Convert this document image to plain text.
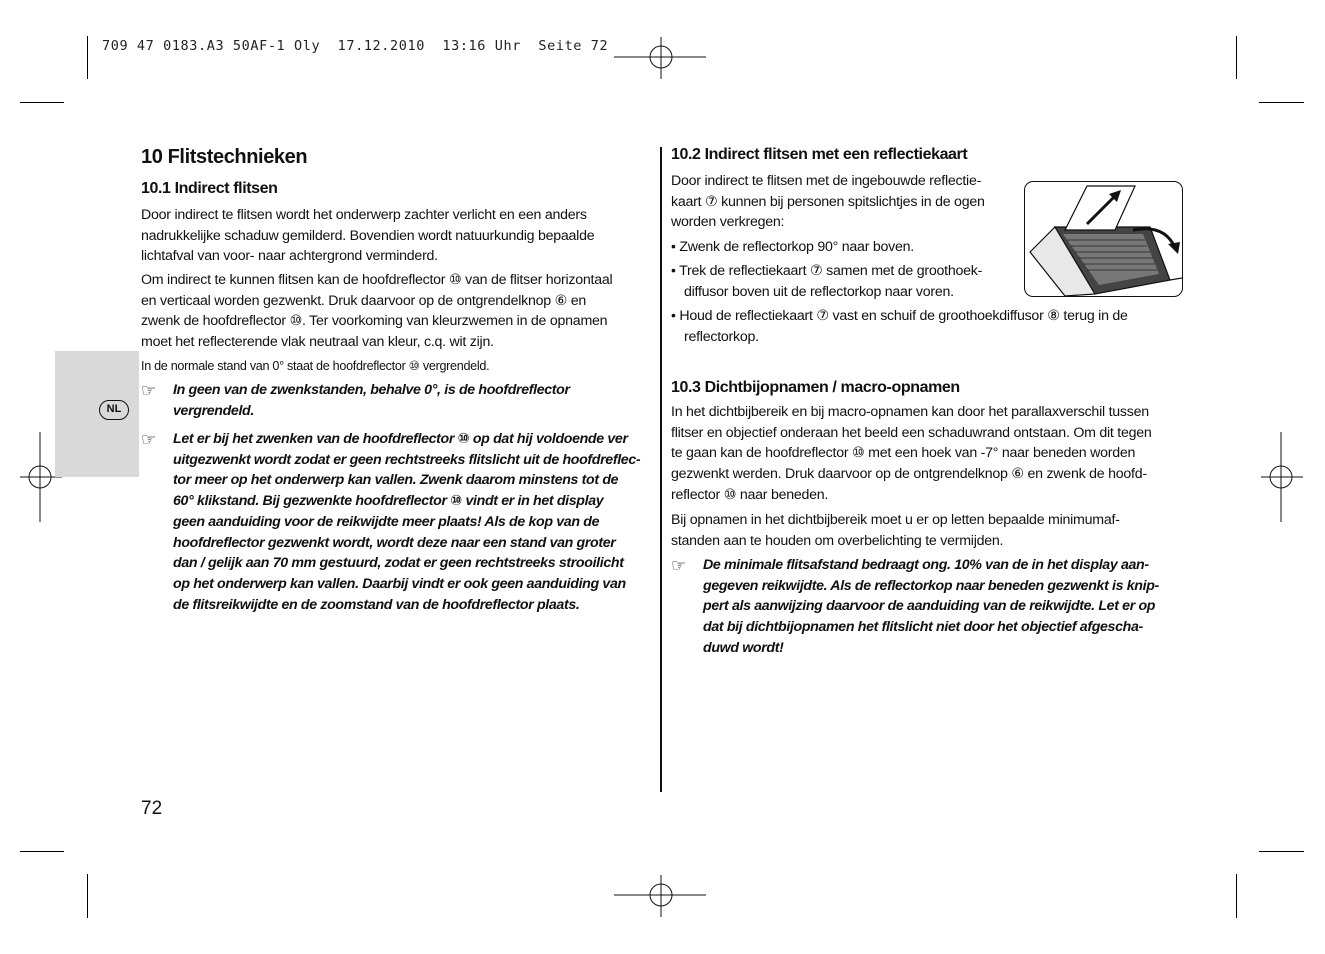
709 47 0183.A3 50AF-1 Oly  17.12.2010  13:16 Uhr  Seite 72
NL
10 Flitstechnieken
10.1 Indirect flitsen
Door indirect te flitsen wordt het onderwerp zachter verlicht en een anders
nadrukkelijke schaduw gemilderd. Bovendien wordt natuurkundig bepaalde
lichtafval van voor- naar achtergrond verminderd.
Om indirect te kunnen flitsen kan de hoofdreflector ⑩ van de flitser horizontaal
en verticaal worden gezwenkt. Druk daarvoor op de ontgrendelknop ⑥ en
zwenk de hoofdreflector ⑩. Ter voorkoming van kleurzwemen in de opnamen
moet het reflecterende vlak neutraal van kleur, c.q. wit zijn.
In de normale stand van 0° staat de hoofdreflector ⑩ vergrendeld.
☞ In geen van de zwenkstanden, behalve 0°, is de hoofdreflector
vergrendeld.
☞ Let er bij het zwenken van de hoofdreflector ⑩ op dat hij voldoende ver
uitgezwenkt wordt zodat er geen rechtstreeks flitslicht uit de hoofdreflec-
tor meer op het onderwerp kan vallen. Zwenk daarom minstens tot de
60° klikstand. Bij gezwenkte hoofdreflector ⑩ vindt er in het display
geen aanduiding voor de reikwijdte meer plaats! Als de kop van de
hoofdreflector gezwenkt wordt, wordt deze naar een stand van groter
dan / gelijk aan 70 mm gestuurd, zodat er geen rechtstreeks strooilicht
op het onderwerp kan vallen. Daarbij vindt er ook geen aanduiding van
de flitsreikwijdte en de zoomstand van de hoofdreflector plaats.
72
10.2 Indirect flitsen met een reflectiekaart
Door indirect te flitsen met de ingebouwde reflectie-
kaart ⑦ kunnen bij personen spitslichtjes in de ogen
worden verkregen:
• Zwenk de reflectorkop 90° naar boven.
• Trek de reflectiekaart ⑦ samen met de groothoek-
diffusor boven uit de reflectorkop naar voren.
• Houd de reflectiekaart ⑦ vast en schuif de groothoekdiffusor ⑧ terug in de
reflectorkop.
10.3 Dichtbijopnamen / macro-opnamen
In het dichtbijbereik en bij macro-opnamen kan door het parallaxverschil tussen
flitser en objectief onderaan het beeld een schaduwrand ontstaan. Om dit tegen
te gaan kan de hoofdreflector ⑩ met een hoek van -7° naar beneden worden
gezwenkt werden. Druk daarvoor op de ontgrendelknop ⑥ en zwenk de hoofd-
reflector ⑩ naar beneden.
Bij opnamen in het dichtbijbereik moet u er op letten bepaalde minimumaf-
standen aan te houden om overbelichting te vermijden.
☞ De minimale flitsafstand bedraagt ong. 10% van de in het display aan-
gegeven reikwijdte. Als de reflectorkop naar beneden gezwenkt is knip-
pert als aanwijzing daarvoor de aanduiding van de reikwijdte. Let er op
dat bij dichtbijopnamen het flitslicht niet door het objectief afgescha-
duwd wordt!
